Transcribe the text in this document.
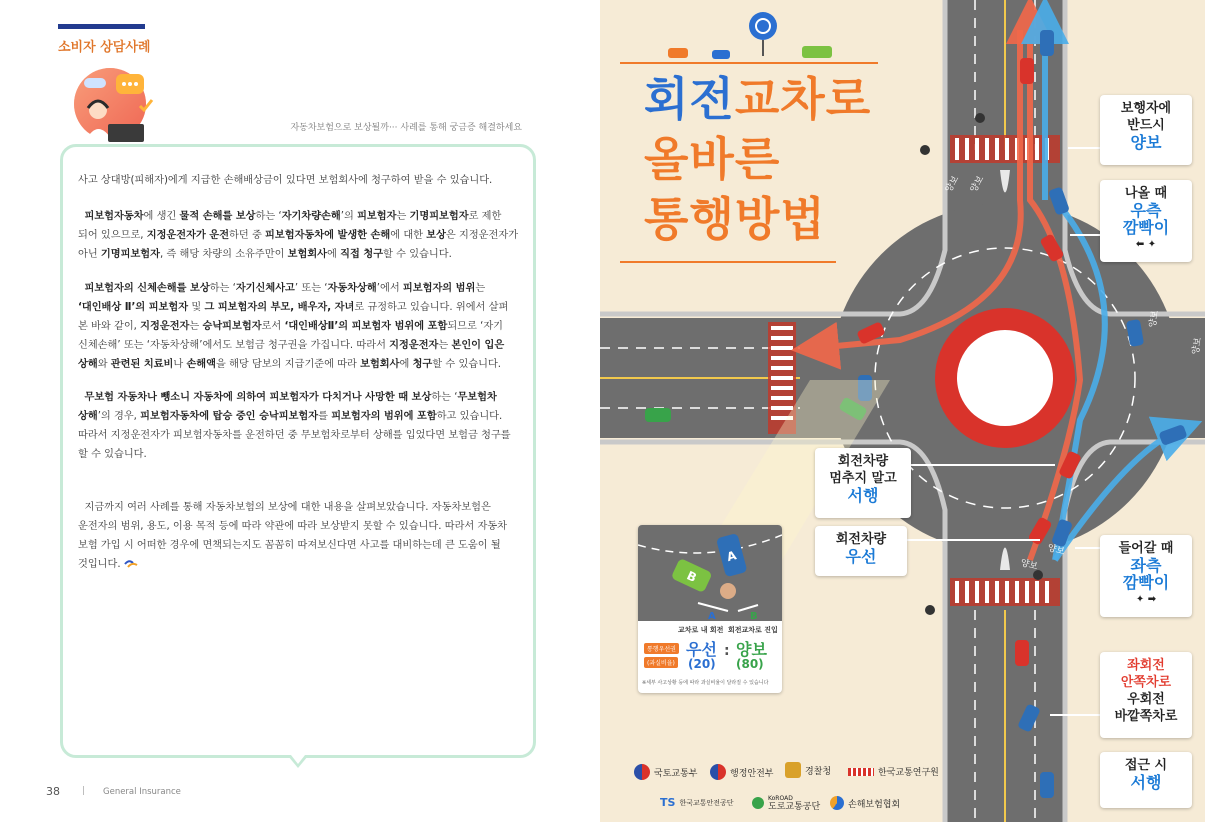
소비자 상담사례
자동차보험으로 보상될까··· 사례를 통해 궁금증 해결하세요
사고 상대방(피해자)에게 지급한 손해배상금이 있다면 보험회사에 청구하여 받을 수 있습니다.
피보험자동차에 생긴 물적 손해를 보상하는 ‘자기차량손해’의 피보험자는 기명피보험자로 제한
되어 있으므로, 지정운전자가 운전하던 중 피보험자동차에 발생한 손해에 대한 보상은 지정운전자가
아닌 기명피보험자, 즉 해당 차량의 소유주만이 보험회사에 직접 청구할 수 있습니다.
피보험자의 신체손해를 보상하는 ‘자기신체사고’ 또는 ‘자동차상해’에서 피보험자의 범위는
‘대인배상 Ⅱ’의 피보험자 및 그 피보험자의 부모, 배우자, 자녀로 규정하고 있습니다. 위에서 살펴
본 바와 같이, 지정운전자는 승낙피보험자로서 ‘대인배상Ⅱ’의 피보험자 범위에 포함되므로 ‘자기
신체손해’ 또는 ‘자동차상해’에서도 보험금 청구권을 가집니다. 따라서 지정운전자는 본인이 입은
상해와 관련된 치료비나 손해액을 해당 담보의 지급기준에 따라 보험회사에 청구할 수 있습니다.
무보험 자동차나 뺑소니 자동차에 의하여 피보험자가 다치거나 사망한 때 보상하는 ‘무보험차
상해’의 경우, 피보험자동차에 탑승 중인 승낙피보험자를 피보험자의 범위에 포함하고 있습니다.
따라서 지정운전자가 피보험자동차를 운전하던 중 무보험차로부터 상해를 입었다면 보험금 청구를
할 수 있습니다.
지금까지 여러 사례를 통해 자동차보험의 보상에 대한 내용을 살펴보았습니다. 자동차보험은
운전자의 범위, 용도, 이용 목적 등에 따라 약관에 따라 보상받지 못할 수 있습니다. 따라서 자동차
보험 가입 시 어떠한 경우에 면책되는지도 꼼꼼히 따져보신다면 사고를 대비하는데 큰 도움이 될
것입니다.
38 | General Insurance
양보
양보
양보
양보
양보
양보
회전교차로
올바른
통행방법
보행자에
반드시
양보
나올 때
우측
깜빡이
⬅ ✦
회전차량
멈추지 말고
서행
회전차량
우선	들어갈 때
좌측
깜빡이
✦ ➡
좌회전
안쪽차로
우회전
바깥쪽차로
접근 시
서행
B
A
A	B
교차로 내 회전 회전교차로 진입
통행우선권
(과실비율)
우선 : 양보
(20) (80)
※세부 사고상황 등에 따라 과실비율이 달라질 수 있습니다
국토교통부	행정안전부	경찰청	한국교통연구원
TS 한국교통안전공단	KoROAD
도로교통공단	손해보험협회
